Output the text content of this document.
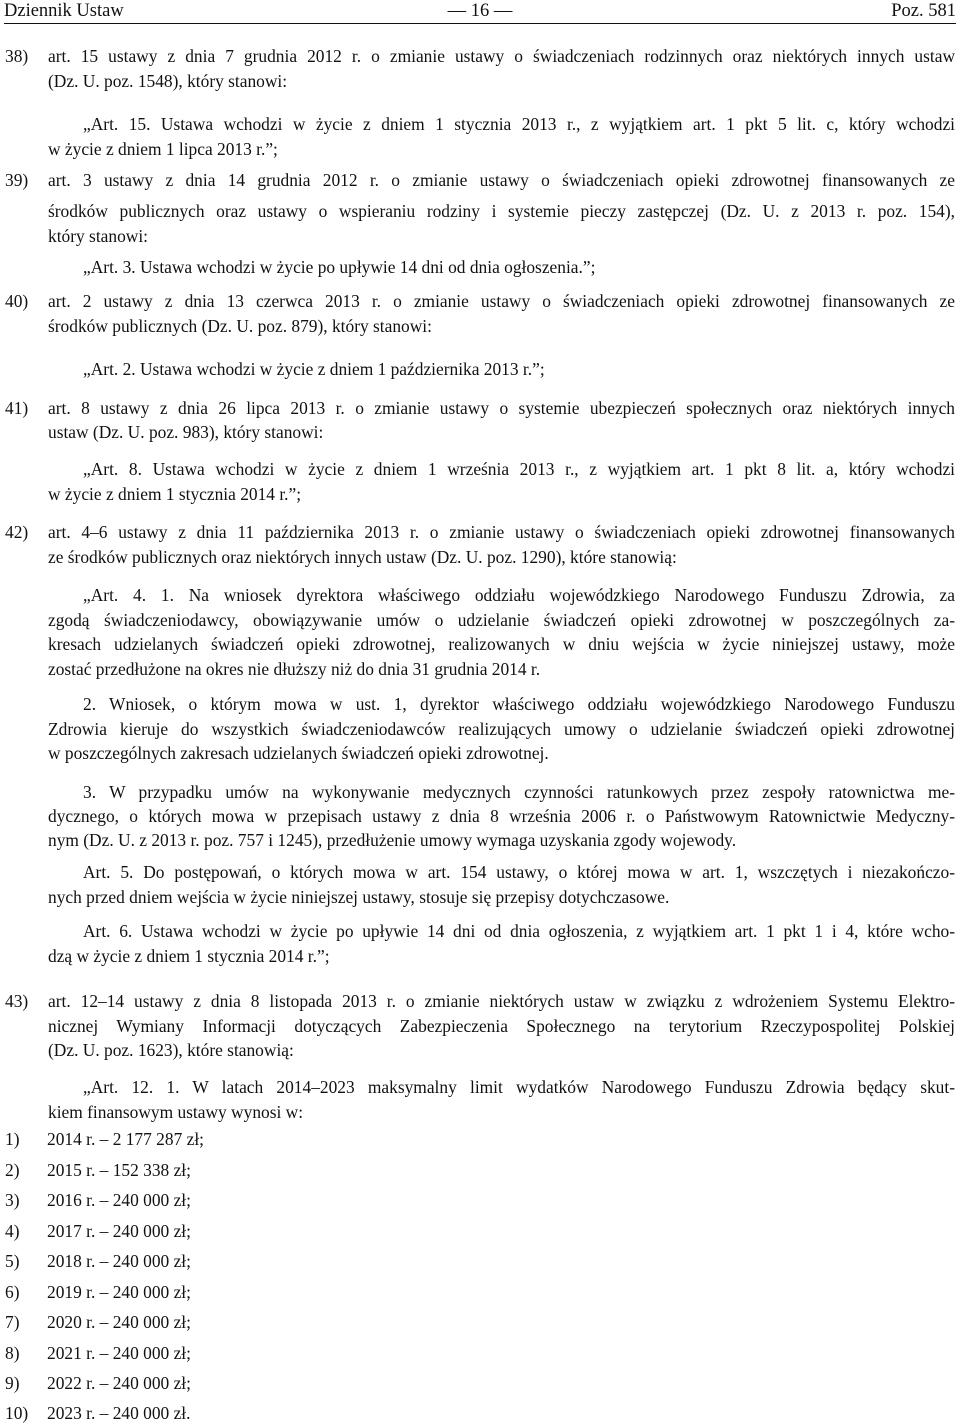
Dziennik Ustaw	— 16 —	Poz. 581
38) art. 15 ustawy z dnia 7 grudnia 2012 r. o zmianie ustawy o świadczeniach rodzinnych oraz niektórych innych ustaw
(Dz. U. poz. 1548), który stanowi:
„Art. 15. Ustawa wchodzi w życie z dniem 1 stycznia 2013 r., z wyjątkiem art. 1 pkt 5 lit. c, który wchodzi
w życie z dniem 1 lipca 2013 r.”;
39) art. 3 ustawy z dnia 14 grudnia 2012 r. o zmianie ustawy o świadczeniach opieki zdrowotnej finansowanych ze
środków publicznych oraz ustawy o wspieraniu rodziny i systemie pieczy zastępczej (Dz. U. z 2013 r. poz. 154),
który stanowi:
„Art. 3. Ustawa wchodzi w życie po upływie 14 dni od dnia ogłoszenia.”;
40) art. 2 ustawy z dnia 13 czerwca 2013 r. o zmianie ustawy o świadczeniach opieki zdrowotnej finansowanych ze
środków publicznych (Dz. U. poz. 879), który stanowi:
„Art. 2. Ustawa wchodzi w życie z dniem 1 października 2013 r.”;
41) art. 8 ustawy z dnia 26 lipca 2013 r. o zmianie ustawy o systemie ubezpieczeń społecznych oraz niektórych innych
ustaw (Dz. U. poz. 983), który stanowi:
„Art. 8. Ustawa wchodzi w życie z dniem 1 września 2013 r., z wyjątkiem art. 1 pkt 8 lit. a, który wchodzi
w życie z dniem 1 stycznia 2014 r.”;
42) art. 4–6 ustawy z dnia 11 października 2013 r. o zmianie ustawy o świadczeniach opieki zdrowotnej finansowanych
ze środków publicznych oraz niektórych innych ustaw (Dz. U. poz. 1290), które stanowią:
„Art. 4. 1. Na wniosek dyrektora właściwego oddziału wojewódzkiego Narodowego Funduszu Zdrowia, za
zgodą świadczeniodawcy, obowiązywanie umów o udzielanie świadczeń opieki zdrowotnej w poszczególnych za-
kresach udzielanych świadczeń opieki zdrowotnej, realizowanych w dniu wejścia w życie niniejszej ustawy, może
zostać przedłużone na okres nie dłuższy niż do dnia 31 grudnia 2014 r.
2. Wniosek, o którym mowa w ust. 1, dyrektor właściwego oddziału wojewódzkiego Narodowego Funduszu
Zdrowia kieruje do wszystkich świadczeniodawców realizujących umowy o udzielanie świadczeń opieki zdrowotnej
w poszczególnych zakresach udzielanych świadczeń opieki zdrowotnej.
3. W przypadku umów na wykonywanie medycznych czynności ratunkowych przez zespoły ratownictwa me-
dycznego, o których mowa w przepisach ustawy z dnia 8 września 2006 r. o Państwowym Ratownictwie Medyczny-
nym (Dz. U. z 2013 r. poz. 757 i 1245), przedłużenie umowy wymaga uzyskania zgody wojewody.
Art. 5. Do postępowań, o których mowa w art. 154 ustawy, o której mowa w art. 1, wszczętych i niezakończo-
nych przed dniem wejścia w życie niniejszej ustawy, stosuje się przepisy dotychczasowe.
Art. 6. Ustawa wchodzi w życie po upływie 14 dni od dnia ogłoszenia, z wyjątkiem art. 1 pkt 1 i 4, które wcho-
dzą w życie z dniem 1 stycznia 2014 r.”;
43) art. 12–14 ustawy z dnia 8 listopada 2013 r. o zmianie niektórych ustaw w związku z wdrożeniem Systemu Elektro-
nicznej Wymiany Informacji dotyczących Zabezpieczenia Społecznego na terytorium Rzeczypospolitej Polskiej
(Dz. U. poz. 1623), które stanowią:
„Art. 12. 1. W latach 2014–2023 maksymalny limit wydatków Narodowego Funduszu Zdrowia będący skut-
kiem finansowym ustawy wynosi w:
1) 2014 r. – 2 177 287 zł;
2) 2015 r. – 152 338 zł;
3) 2016 r. – 240 000 zł;
4) 2017 r. – 240 000 zł;
5) 2018 r. – 240 000 zł;
6) 2019 r. – 240 000 zł;
7) 2020 r. – 240 000 zł;
8) 2021 r. – 240 000 zł;
9) 2022 r. – 240 000 zł;
10) 2023 r. – 240 000 zł.
